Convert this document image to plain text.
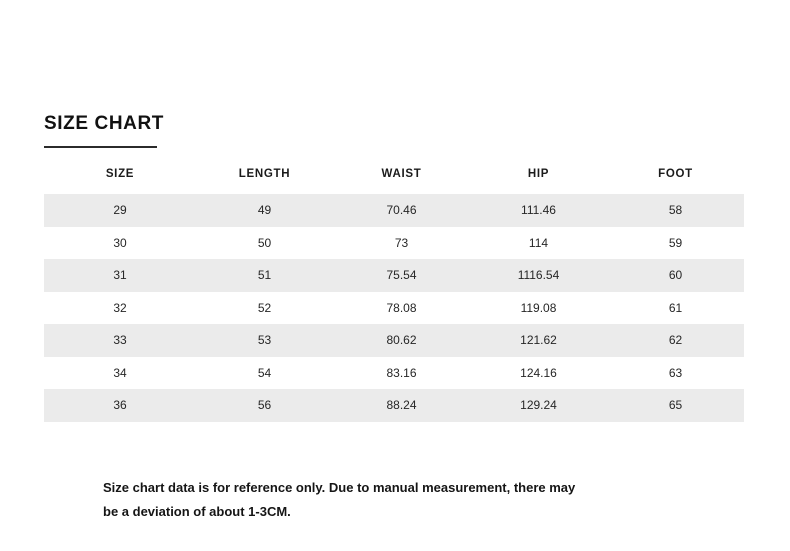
SIZE CHART
SIZE	LENGTH	WAIST	HIP	FOOT
29	49	70.46	111.46	58
30	50	73	114	59
31	51	75.54	1116.54	60
32	52	78.08	119.08	61
33	53	80.62	121.62	62
34	54	83.16	124.16	63
36	56	88.24	129.24	65
Size chart data is for reference only. Due to manual measurement, there may
be a deviation of about 1-3CM.
